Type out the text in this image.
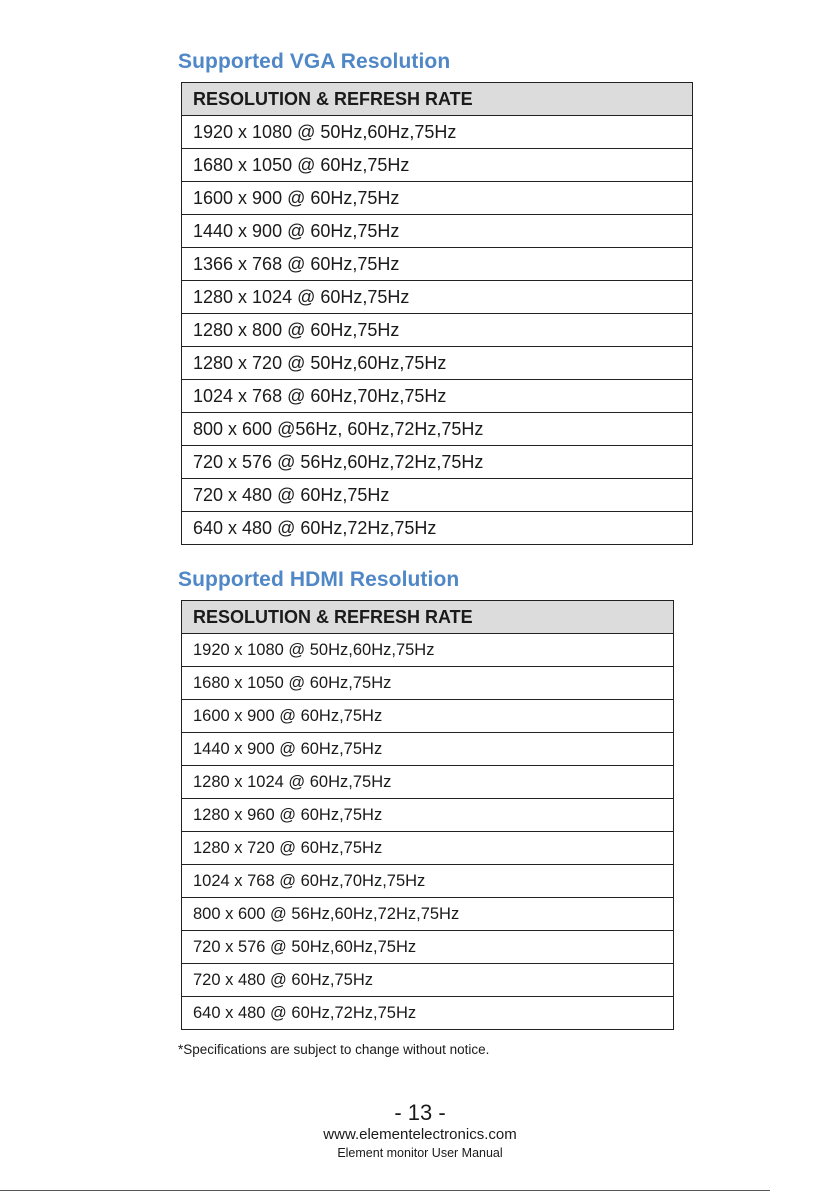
Supported VGA Resolution
RESOLUTION & REFRESH RATE
1920 x 1080 @ 50Hz,60Hz,75Hz
1680 x 1050 @ 60Hz,75Hz
1600 x 900 @ 60Hz,75Hz
1440 x 900 @ 60Hz,75Hz
1366 x 768 @ 60Hz,75Hz
1280 x 1024 @ 60Hz,75Hz
1280 x 800 @ 60Hz,75Hz
1280 x 720 @ 50Hz,60Hz,75Hz
1024 x 768 @ 60Hz,70Hz,75Hz
800 x 600 @56Hz, 60Hz,72Hz,75Hz
720 x 576 @ 56Hz,60Hz,72Hz,75Hz
720 x 480 @ 60Hz,75Hz
640 x 480 @ 60Hz,72Hz,75Hz
Supported HDMI Resolution
RESOLUTION & REFRESH RATE
1920 x 1080 @ 50Hz,60Hz,75Hz
1680 x 1050 @ 60Hz,75Hz
1600 x 900 @ 60Hz,75Hz
1440 x 900 @ 60Hz,75Hz
1280 x 1024 @ 60Hz,75Hz
1280 x 960 @ 60Hz,75Hz
1280 x 720 @ 60Hz,75Hz
1024 x 768 @ 60Hz,70Hz,75Hz
800 x 600 @ 56Hz,60Hz,72Hz,75Hz
720 x 576 @ 50Hz,60Hz,75Hz
720 x 480 @ 60Hz,75Hz
640 x 480 @ 60Hz,72Hz,75Hz

*Specifications are subject to change without notice.

- 13 -

www.elementelectronics.com

Element monitor User Manual
